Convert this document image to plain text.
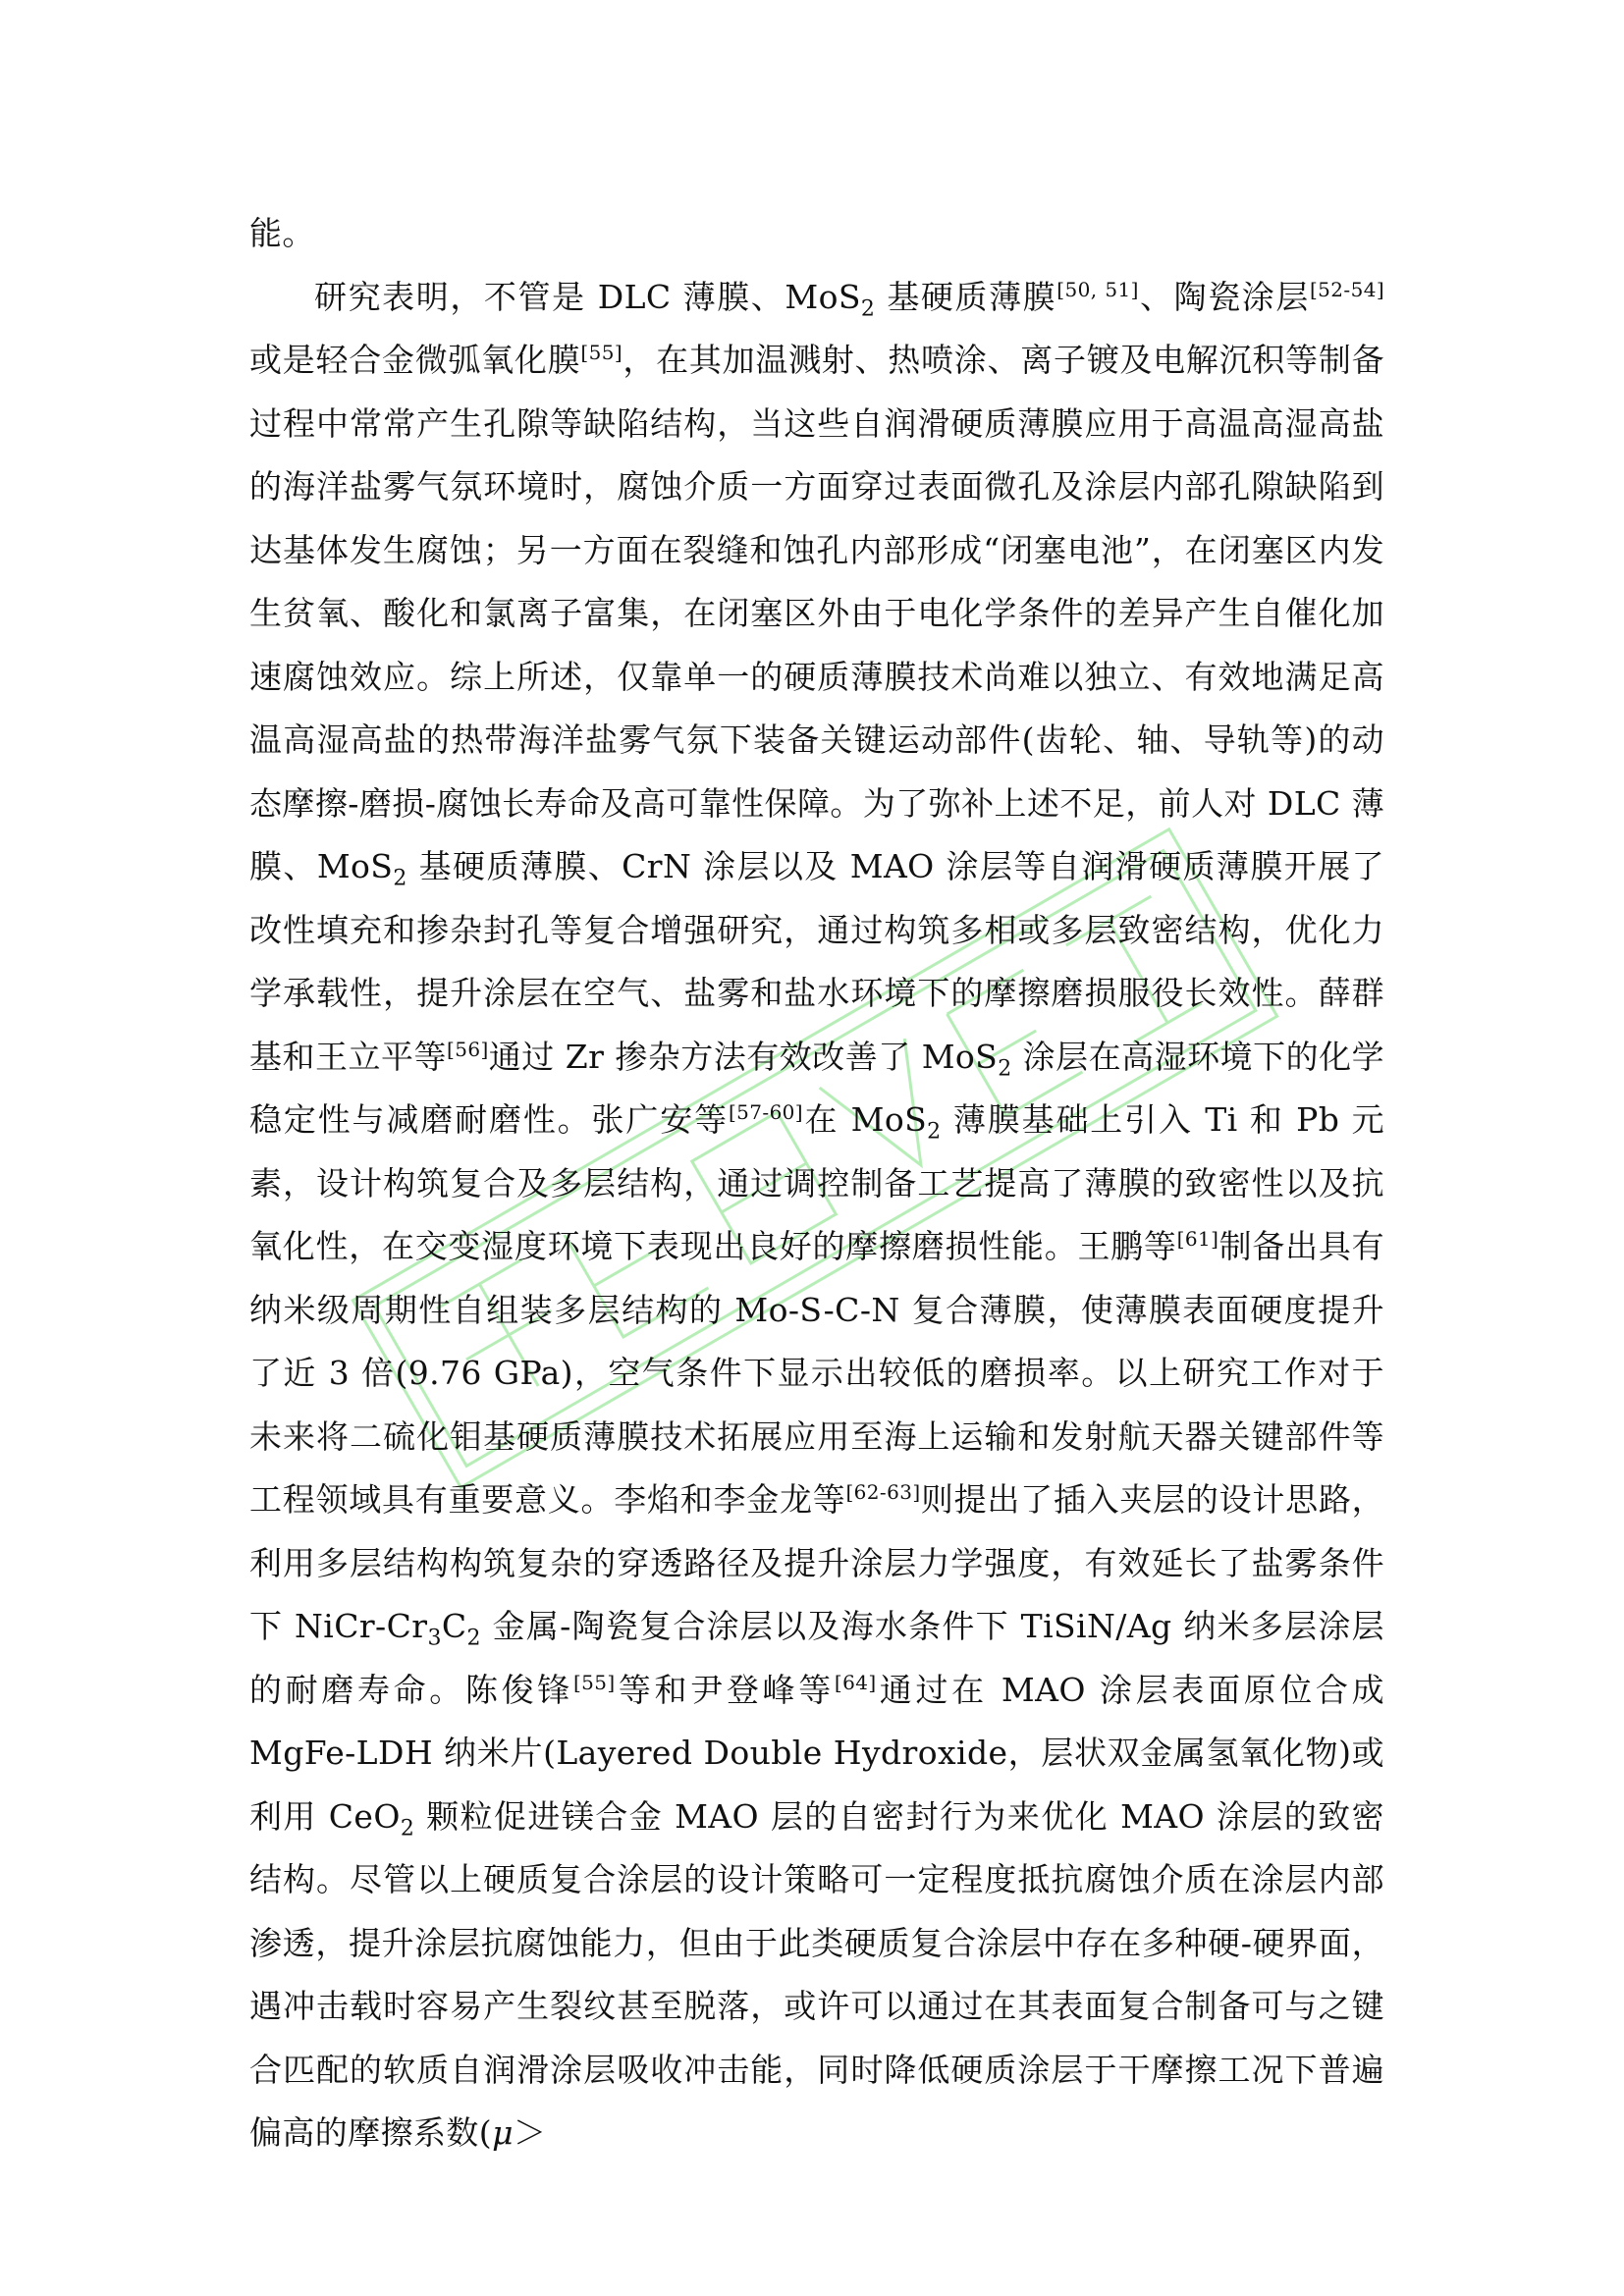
能。

研究表明，不管是 DLC 薄膜、MoS$_2$ 基硬质薄膜[50, 51]、陶瓷涂层[52-54]或是轻合金微弧氧化膜[55]，在其加温溅射、热喷涂、离子镀及电解沉积等制备过程中常常产生孔隙等缺陷结构，当这些自润滑硬质薄膜应用于高温高湿高盐的海洋盐雾气氛环境时，腐蚀介质一方面穿过表面微孔及涂层内部孔隙缺陷到达基体发生腐蚀；另一方面在裂缝和蚀孔内部形成“闭塞电池”，在闭塞区内发生贫氧、酸化和氯离子富集，在闭塞区外由于电化学条件的差异产生自催化加速腐蚀效应。综上所述，仅靠单一的硬质薄膜技术尚难以独立、有效地满足高温高湿高盐的热带海洋盐雾气氛下装备关键运动部件(齿轮、轴、导轨等)的动态摩擦-磨损-腐蚀长寿命及高可靠性保障。为了弥补上述不足，前人对 DLC 薄膜、MoS$_2$ 基硬质薄膜、CrN 涂层以及 MAO 涂层等自润滑硬质薄膜开展了改性填充和掺杂封孔等复合增强研究，通过构筑多相或多层致密结构，优化力学承载性，提升涂层在空气、盐雾和盐水环境下的摩擦磨损服役长效性。薛群基和王立平等[56]通过 Zr 掺杂方法有效改善了 MoS$_2$ 涂层在高湿环境下的化学稳定性与减磨耐磨性。张广安等[57-60]在 MoS$_2$ 薄膜基础上引入 Ti 和 Pb 元素，设计构筑复合及多层结构，通过调控制备工艺提高了薄膜的致密性以及抗氧化性，在交变湿度环境下表现出良好的摩擦磨损性能。王鹏等[61]制备出具有纳米级周期性自组装多层结构的 Mo-S-C-N 复合薄膜，使薄膜表面硬度提升了近 3 倍(9.76 GPa)，空气条件下显示出较低的磨损率。以上研究工作对于未来将二硫化钼基硬质薄膜技术拓展应用至海上运输和发射航天器关键部件等工程领域具有重要意义。李焰和李金龙等[62-63]则提出了插入夹层的设计思路，利用多层结构构筑复杂的穿透路径及提升涂层力学强度，有效延长了盐雾条件下 NiCr-$Cr_3C_2$ 金属-陶瓷复合涂层以及海水条件下 TiSiN/Ag 纳米多层涂层的耐磨寿命。陈俊锋[55]等和尹登峰等[64]通过在 MAO 涂层表面原位合成 MgFe-LDH 纳米片(Layered Double Hydroxide，层状双金属氢氧化物)或利用 CeO$_2$ 颗粒促进镁合金 MAO 层的自密封行为来优化 MAO 涂层的致密结构。尽管以上硬质复合涂层的设计策略可一定程度抵抗腐蚀介质在涂层内部渗透，提升涂层抗腐蚀能力，但由于此类硬质复合涂层中存在多种硬-硬界面，遇冲击载时容易产生裂纹甚至脱落，或许可以通过在其表面复合制备可与之键合匹配的软质自润滑涂层吸收冲击能，同时降低硬质涂层于干摩擦工况下普遍偏高的摩擦系数(μ＞
